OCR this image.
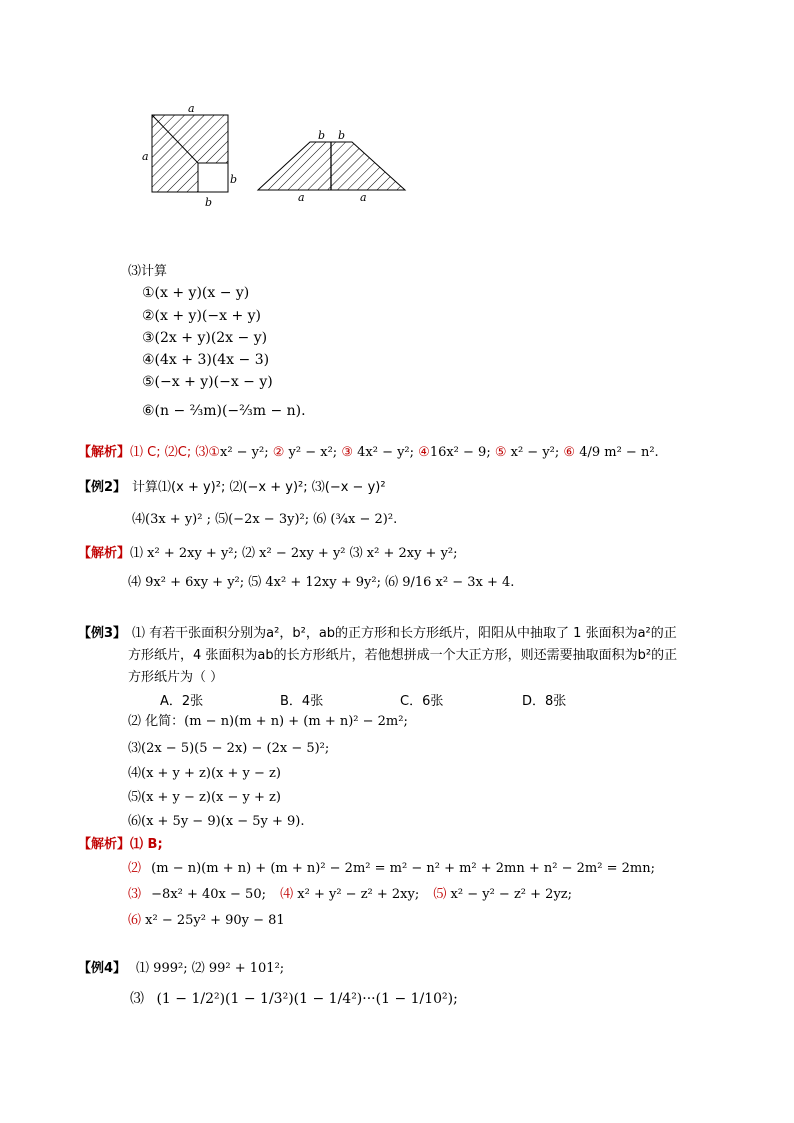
a
a
b
b
b b
a	a
⑶计算
①(x + y)(x − y)
②(x + y)(−x + y)
③(2x + y)(2x − y)
④(4x + 3)(4x − 3)
⑤(−x + y)(−x − y)
⑥(n − ⅔m)(−⅔m − n).
【解析】⑴ C; ⑵C; ⑶①x² − y²; ② y² − x²; ③ 4x² − y²; ④16x² − 9; ⑤ x² − y²; ⑥ 4/9 m² − n².
【例2】 计算⑴(x + y)²; ⑵(−x + y)²; ⑶(−x − y)²
⑷(3x + y)² ; ⑸(−2x − 3y)²; ⑹ (¾x − 2)².
【解析】⑴ x² + 2xy + y²; ⑵ x² − 2xy + y² ⑶ x² + 2xy + y²;
⑷ 9x² + 6xy + y²; ⑸ 4x² + 12xy + 9y²; ⑹ 9/16 x² − 3x + 4.
【例3】 ⑴ 有若干张面积分别为a²，b²，ab的正方形和长方形纸片，阳阳从中抽取了 1 张面积为a²的正
方形纸片，4 张面积为ab的长方形纸片，若他想拼成一个大正方形，则还需要抽取面积为b²的正
方形纸片为（ ）
A．2张	B．4张	C．6张	D．8张
⑵ 化简：(m − n)(m + n) + (m + n)² − 2m²;
⑶(2x − 5)(5 − 2x) − (2x − 5)²;
⑷(x + y + z)(x + y − z)
⑸(x + y − z)(x − y + z)
⑹(x + 5y − 9)(x − 5y + 9).
【解析】⑴ B;
⑵ (m − n)(m + n) + (m + n)² − 2m² = m² − n² + m² + 2mn + n² − 2m² = 2mn;
⑶ −8x² + 40x − 50; ⑷ x² + y² − z² + 2xy; ⑸ x² − y² − z² + 2yz;
⑹ x² − 25y² + 90y − 81
【例4】 ⑴ 999²; ⑵ 99² + 101²;
⑶ (1 − 1/2²)(1 − 1/3²)(1 − 1/4²)···(1 − 1/10²);
